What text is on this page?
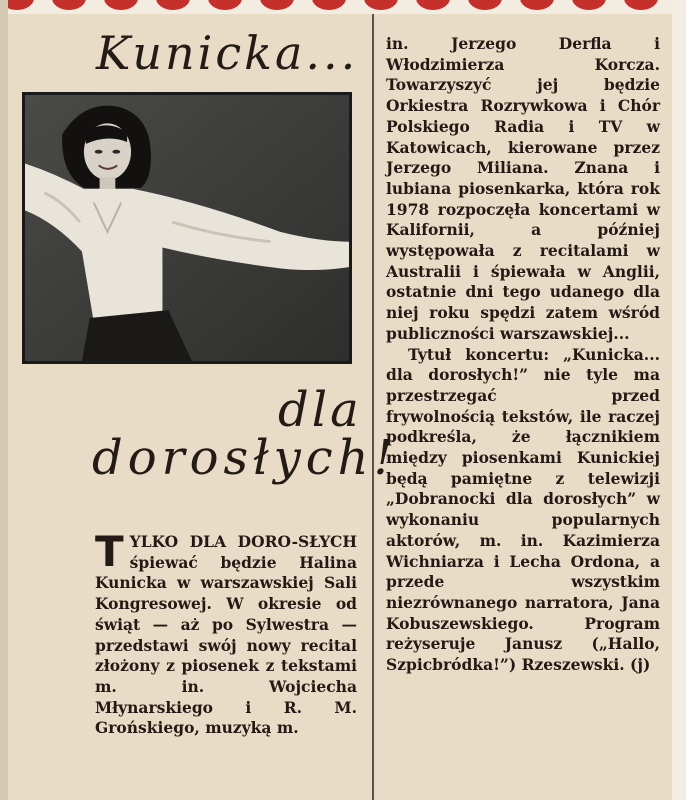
Kunicka...
dla
dorosłych!

T YLKO DLA DORO-SŁYCH śpiewać będzie Halina Kunicka w warszawskiej Sali Kongresowej. W okresie od świąt — aż po Sylwestra — przedstawi swój nowy recital złożony z piosenek z tekstami m. in. Wojciecha Młynarskiego i R. M. Grońskiego, muzyką m.

in. Jerzego Derfla i Włodzimierza Korcza. Towarzyszyć jej będzie Orkiestra Rozrywkowa i Chór Polskiego Radia i TV w Katowicach, kierowane przez Jerzego Miliana. Znana i lubiana piosenkarka, która rok 1978 rozpoczęła koncertami w Kalifornii, a później występowała z recitalami w Australii i śpiewała w Anglii, ostatnie dni tego udanego dla niej roku spędzi zatem wśród publiczności warszawskiej...

Tytuł koncertu: „Kunicka... dla dorosłych!” nie tyle ma przestrzegać przed frywolnością tekstów, ile raczej podkreśla, że łącznikiem między piosenkami Kunickiej będą pamiętne z telewizji „Dobranocki dla dorosłych” w wykonaniu popularnych aktorów, m. in. Kazimierza Wichniarza i Lecha Ordona, a przede wszystkim niezrównanego narratora, Jana Kobuszewskiego. Program reżyseruje Janusz („Hallo, Szpicbródka!”) Rzeszewski. (j)
